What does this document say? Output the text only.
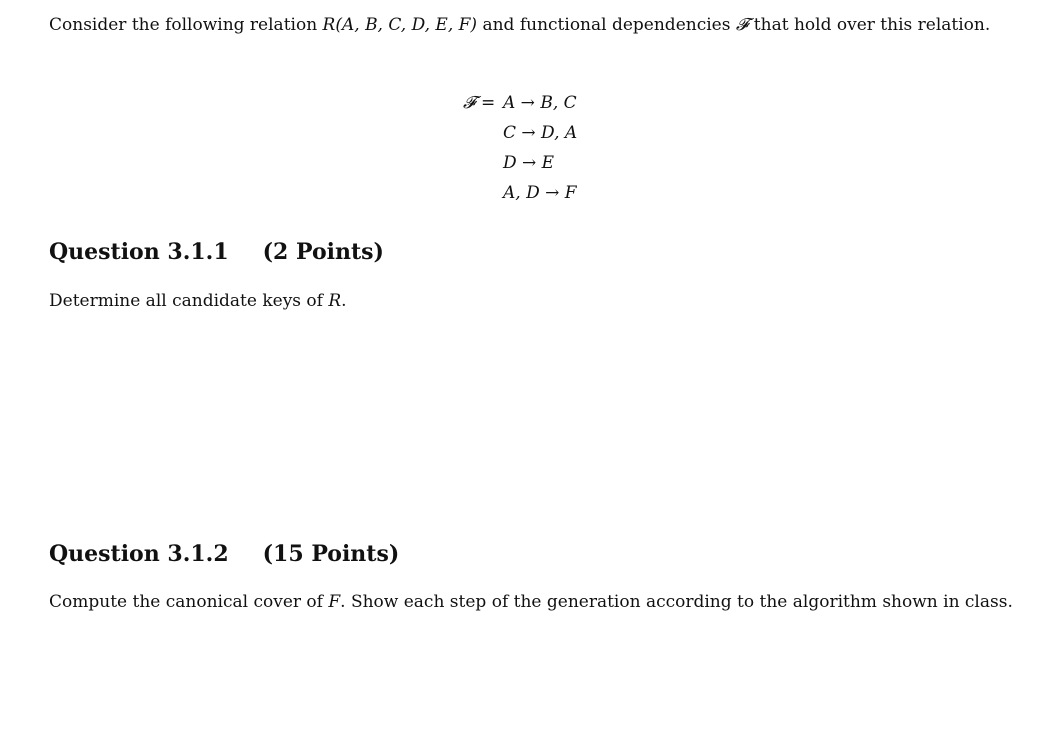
Consider the following relation R(A, B, C, D, E, F) and functional dependencies 𝓕 that hold over this relation.
𝓕 = A → B, C
C → D, A
D → E
A, D → F
Question 3.1.1 (2 Points)
Determine all candidate keys of R.
Question 3.1.2 (15 Points)
Compute the canonical cover of F. Show each step of the generation according to the algorithm shown in class.
